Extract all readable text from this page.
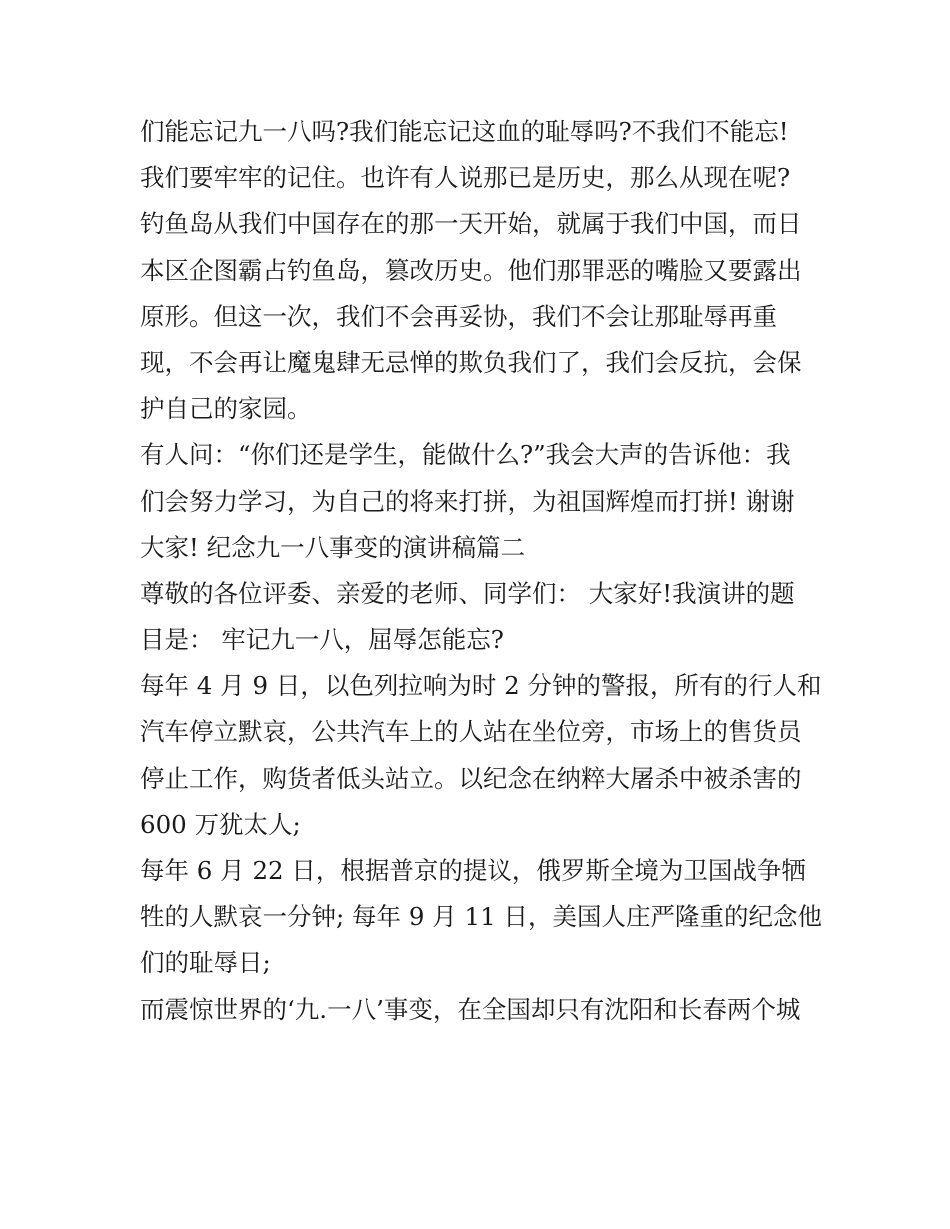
们能忘记九一八吗?我们能忘记这血的耻辱吗?不我们不能忘!
我们要牢牢的记住。也许有人说那已是历史，那么从现在呢?
钓鱼岛从我们中国存在的那一天开始，就属于我们中国，而日
本区企图霸占钓鱼岛，篡改历史。他们那罪恶的嘴脸又要露出
原形。但这一次，我们不会再妥协，我们不会让那耻辱再重
现，不会再让魔鬼肆无忌惮的欺负我们了，我们会反抗，会保
护自己的家园。
有人问：“你们还是学生，能做什么?”我会大声的告诉他：我
们会努力学习，为自己的将来打拼，为祖国辉煌而打拼! 谢谢
大家! 纪念九一八事变的演讲稿篇二
尊敬的各位评委、亲爱的老师、同学们： 大家好!我演讲的题
目是： 牢记九一八，屈辱怎能忘?
每年 4 月 9 日，以色列拉响为时 2 分钟的警报，所有的行人和
汽车停立默哀，公共汽车上的人站在坐位旁，市场上的售货员
停止工作，购货者低头站立。以纪念在纳粹大屠杀中被杀害的
600 万犹太人;
每年 6 月 22 日，根据普京的提议，俄罗斯全境为卫国战争牺
牲的人默哀一分钟; 每年 9 月 11 日，美国人庄严隆重的纪念他
们的耻辱日;
而震惊世界的‘九.一八’事变，在全国却只有沈阳和长春两个城
